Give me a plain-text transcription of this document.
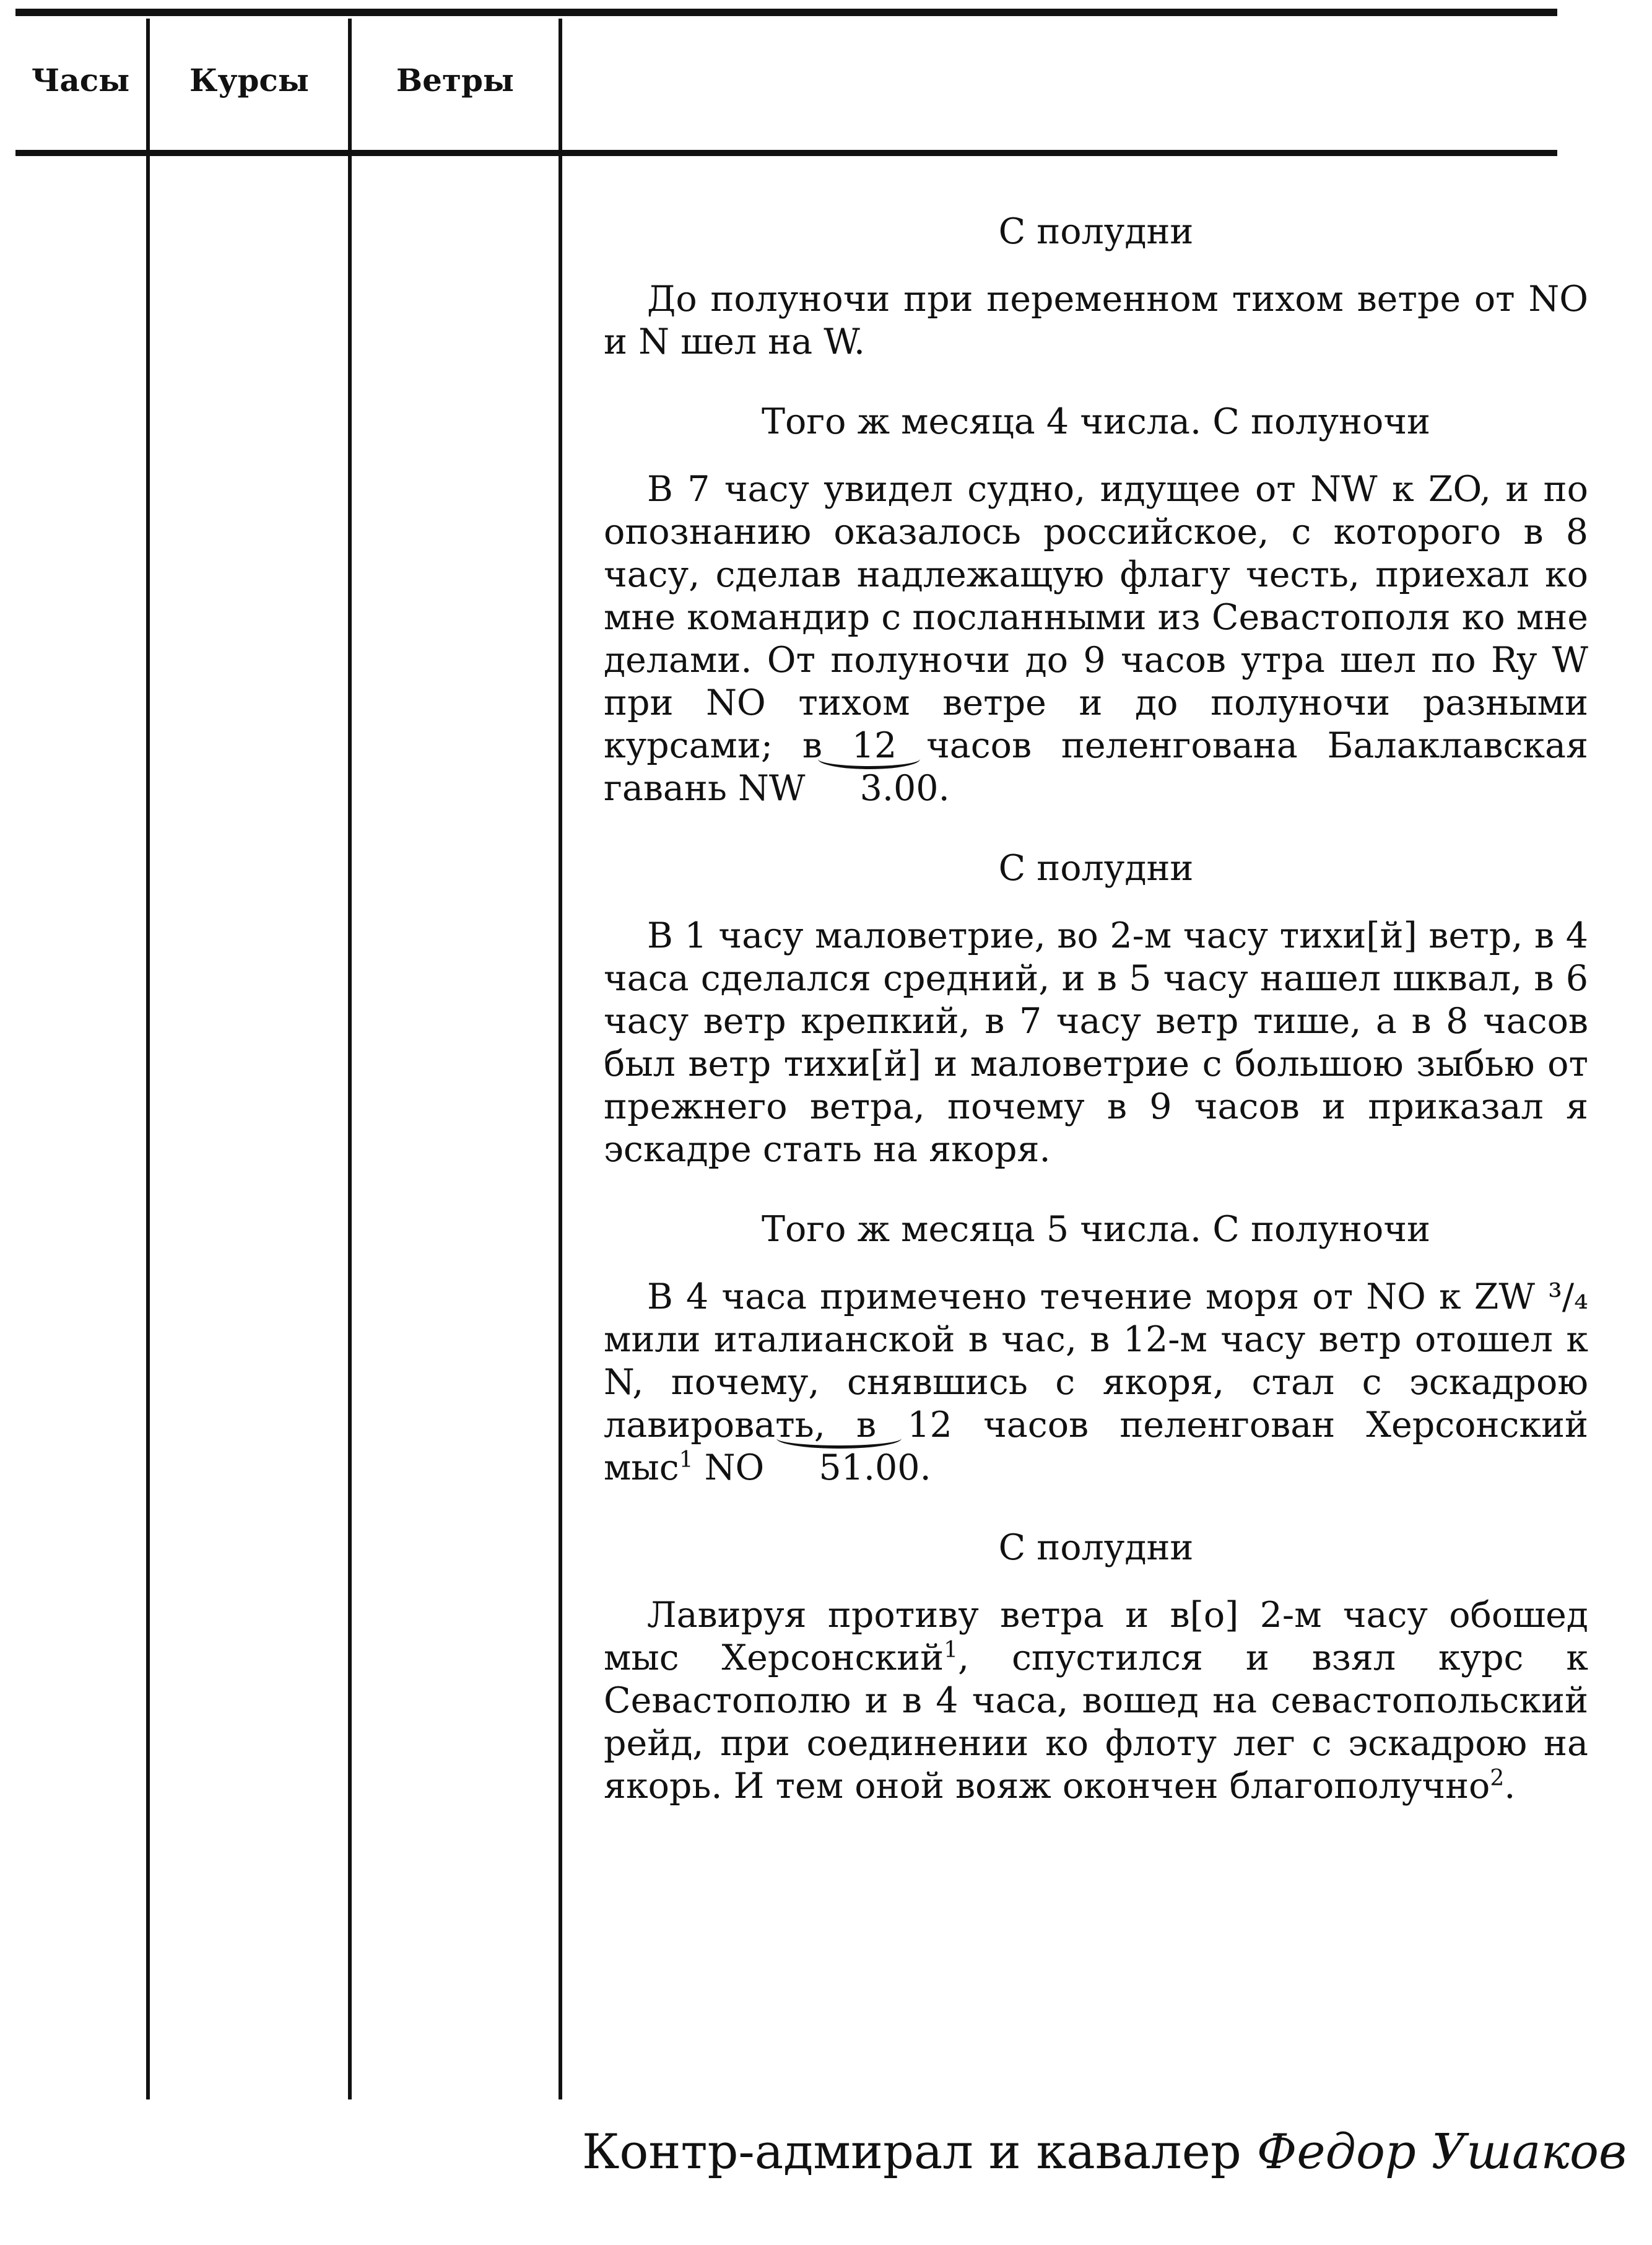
Часы	Курсы	Ветры
С полудни
До полуночи при переменном тихом ветре от NO и N шел на W.
Того ж месяца 4 числа. С полуночи
В 7 часу увидел судно, идущее от NW к ZO, и по опознанию оказалось российское, с которого в 8 часу, сделав надлежащую флагу честь, приехал ко мне командир с посланными из Севастополя ко мне делами. От полуночи до 9 часов утра шел по Ry W при NO тихом ветре и до полуночи разными курсами; в 12 часов пеленгована Балаклавская гавань NW 3.00.
С полудни
В 1 часу маловетрие, во 2-м часу тихи[й] ветр, в 4 часа сделался средний, и в 5 часу нашел шквал, в 6 часу ветр крепкий, в 7 часу ветр тише, а в 8 часов был ветр тихи[й] и маловетрие с большою зыбью от прежнего ветра, почему в 9 часов и приказал я эскадре стать на якоря.
Того ж месяца 5 числа. С полуночи
В 4 часа примечено течение моря от NO к ZW ³/₄ мили италианской в час, в 12-м часу ветр отошел к N, почему, снявшись с якоря, стал с эскадрою лавировать, в 12 часов пеленгован Херсонский мыс$^1$ NO 51.00.
С полудни
Лавируя противу ветра и в[о] 2-м часу обошед мыс Херсонский$^1$, спустился и взял курс к Севастополю и в 4 часа, вошед на севастопольский рейд, при соединении ко флоту лег с эскадрою на якорь. И тем оной вояж окончен благополучно$^2$.
Контр-адмирал и кавалер Федор Ушаков
